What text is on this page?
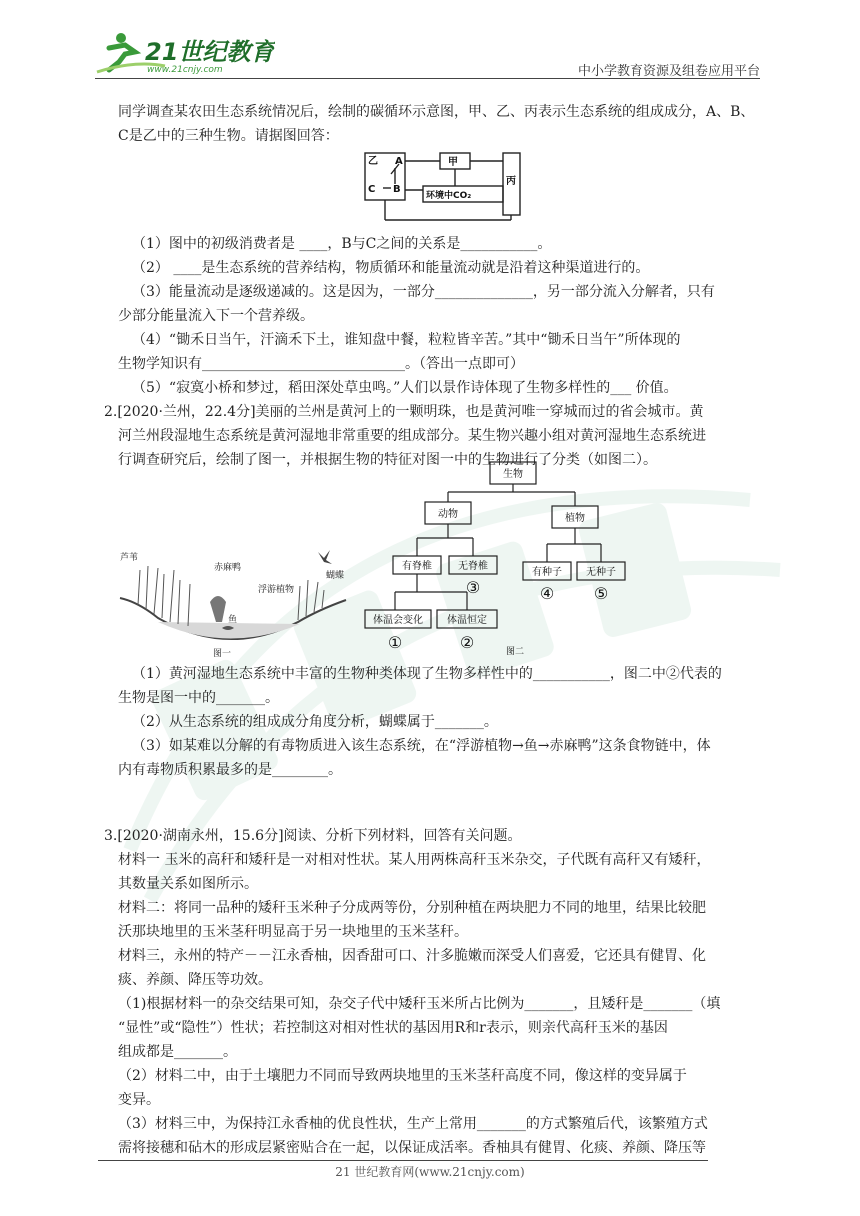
21世纪教育
www.21cnjy.com	中小学教育资源及组卷应用平台
同学调查某农田生态系统情况后，绘制的碳循环示意图，甲、乙、丙表示生态系统的组成成分，A、B、C是乙中的三种生物。请据图回答：
乙 A
C B
甲
丙
环境中CO₂
（1）图中的初级消费者是 ____，B与C之间的关系是___________。
（2） ____是生态系统的营养结构，物质循环和能量流动就是沿着这种渠道进行的。
（3）能量流动是逐级递减的。这是因为，一部分______________，另一部分流入分解者，只有
少部分能量流入下一个营养级。
（4）“锄禾日当午，汗滴禾下土，谁知盘中餐，粒粒皆辛苦。”其中“锄禾日当午”所体现的
生物学知识有_____________________________。（答出一点即可）
（5）“寂寞小桥和梦过，稻田深处草虫鸣。”人们以景作诗体现了生物多样性的___ 价值。
2.[2020·兰州，22.4分]美丽的兰州是黄河上的一颗明珠，也是黄河唯一穿城而过的省会城市。黄
河兰州段湿地生态系统是黄河湿地非常重要的组成部分。某生物兴趣小组对黄河湿地生态系统进
行调查研究后，绘制了图一，并根据生物的特征对图一中的生物进行了分类（如图二）。
芦苇
赤麻鸭
浮游植物
蝴蝶
鱼
图一
生物
动物	植物
有脊椎	无脊椎
有种子 无种子
体温会变化 体温恒定
③	④ ⑤
①	②	图二
（1）黄河湿地生态系统中丰富的生物种类体现了生物多样性中的___________，图二中②代表的
生物是图一中的_______。
（2）从生态系统的组成成分角度分析，蝴蝶属于_______。
（3）如某难以分解的有毒物质进入该生态系统，在“浮游植物→鱼→赤麻鸭”这条食物链中，体
内有毒物质积累最多的是________。
3.[2020·湖南永州，15.6分]阅读、分析下列材料，回答有关问题。
材料一 玉米的高秆和矮秆是一对相对性状。某人用两株高秆玉米杂交，子代既有高秆又有矮秆，
其数量关系如图所示。
材料二：将同一品种的矮秆玉米种子分成两等份，分别种植在两块肥力不同的地里，结果比较肥
沃那块地里的玉米茎秆明显高于另一块地里的玉米茎秆。
材料三，永州的特产－－江永香柚，因香甜可口、汁多脆嫩而深受人们喜爱，它还具有健胃、化
痰、养颜、降压等功效。
（1)根据材料一的杂交结果可知，杂交子代中矮秆玉米所占比例为_______，且矮秆是_______（填
“显性”或“隐性”）性状；若控制这对相对性状的基因用R和r表示，则亲代高秆玉米的基因
组成都是_______。
（2）材料二中，由于土壤肥力不同而导致两块地里的玉米茎秆高度不同，像这样的变异属于
变异。
（3）材料三中，为保持江永香柚的优良性状，生产上常用_______的方式繁殖后代，该繁殖方式
需将接穗和砧木的形成层紧密贴合在一起，以保证成活率。香柚具有健胃、化痰、养颜、降压等
21 世纪教育网(www.21cnjy.com)
